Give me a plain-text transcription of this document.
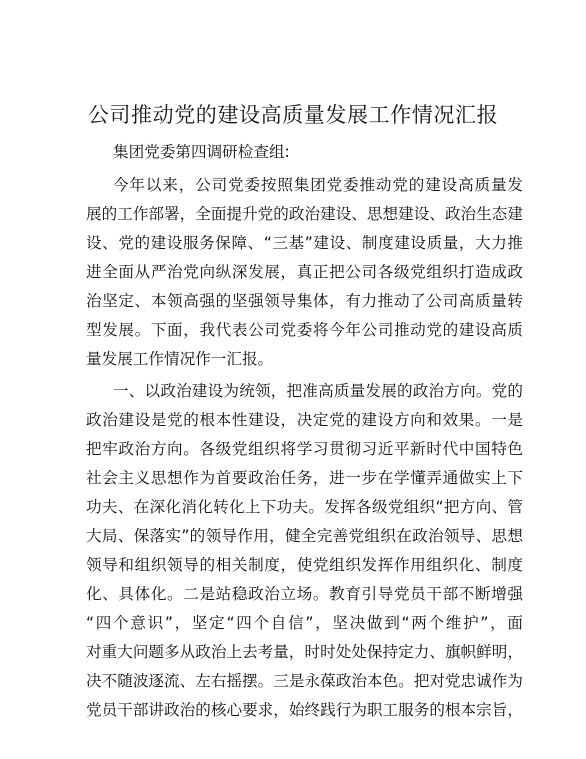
公司推动党的建设高质量发展工作情况汇报
集团党委第四调研检查组:
今年以来，公司党委按照集团党委推动党的建设高质量发
展的工作部署，全面提升党的政治建设、思想建设、政治生态建
设、党的建设服务保障、“三基”建设、制度建设质量，大力推
进全面从严治党向纵深发展，真正把公司各级党组织打造成政
治坚定、本领高强的坚强领导集体，有力推动了公司高质量转
型发展。下面，我代表公司党委将今年公司推动党的建设高质
量发展工作情况作一汇报。
一、以政治建设为统领，把准高质量发展的政治方向。党的
政治建设是党的根本性建设，决定党的建设方向和效果。一是
把牢政治方向。各级党组织将学习贯彻习近平新时代中国特色
社会主义思想作为首要政治任务，进一步在学懂弄通做实上下
功夫、在深化消化转化上下功夫。发挥各级党组织“把方向、管
大局、保落实”的领导作用，健全完善党组织在政治领导、思想
领导和组织领导的相关制度，使党组织发挥作用组织化、制度
化、具体化。二是站稳政治立场。教育引导党员干部不断增强
“四个意识”，坚定“四个自信”，坚决做到“两个维护”，面
对重大问题多从政治上去考量，时时处处保持定力、旗帜鲜明，
决不随波逐流、左右摇摆。三是永葆政治本色。把对党忠诚作为
党员干部讲政治的核心要求，始终践行为职工服务的根本宗旨，
